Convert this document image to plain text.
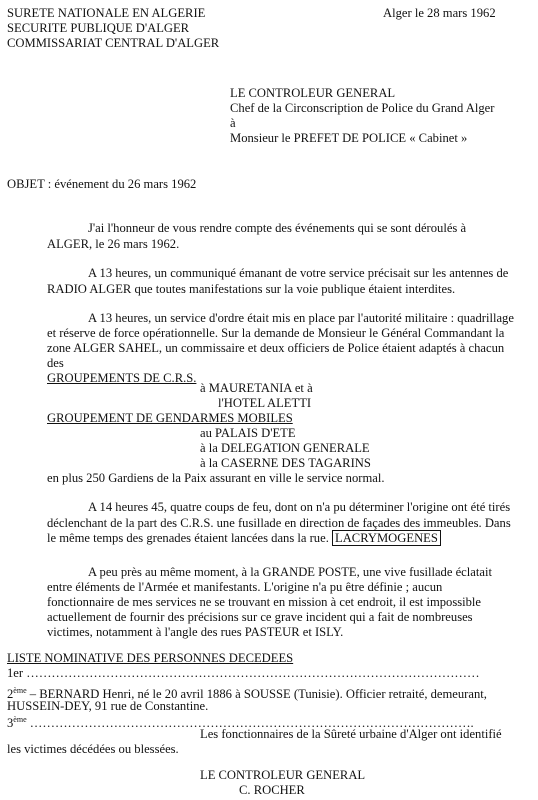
SURETE NATIONALE EN ALGERIE
SECURITE PUBLIQUE D'ALGER
COMMISSARIAT CENTRAL D'ALGER
Alger le 28 mars 1962
LE CONTROLEUR GENERAL
Chef de la Circonscription de Police du Grand Alger
à
Monsieur le PREFET DE POLICE « Cabinet »
OBJET : événement du 26 mars 1962
J'ai l'honneur de vous rendre compte des événements qui se sont déroulés à
ALGER, le 26 mars 1962.
A 13 heures, un communiqué émanant de votre service précisait sur les antennes de
RADIO ALGER que toutes manifestations sur la voie publique étaient interdites.
A 13 heures, un service d'ordre était mis en place par l'autorité militaire : quadrillage
et réserve de force opérationnelle. Sur la demande de Monsieur le Général Commandant la
zone ALGER SAHEL, un commissaire et deux officiers de Police étaient adaptés à chacun
des
GROUPEMENTS DE C.R.S.
à MAURETANIA et à
l'HOTEL ALETTI
GROUPEMENT DE GENDARMES MOBILES
au PALAIS D'ETE
à la DELEGATION GENERALE
à la CASERNE DES TAGARINS
en plus 250 Gardiens de la Paix assurant en ville le service normal.
A 14 heures 45, quatre coups de feu, dont on n'a pu déterminer l'origine ont été tirés
déclenchant de la part des C.R.S. une fusillade en direction de façades des immeubles. Dans
le même temps des grenades étaient lancées dans la rue. LACRYMOGENES
A peu près au même moment, à la GRANDE POSTE, une vive fusillade éclatait
entre éléments de l'Armée et manifestants. L'origine n'a pu être définie ; aucun
fonctionnaire de mes services ne se trouvant en mission à cet endroit, il est impossible
actuellement de fournir des précisions sur ce grave incident qui a fait de nombreuses
victimes, notamment à l'angle des rues PASTEUR et ISLY.
LISTE NOMINATIVE DES PERSONNES DECEDEES
1er ………………………………………………………………………………………………
2ème – BERNARD Henri, né le 20 avril 1886 à SOUSSE (Tunisie). Officier retraité, demeurant,
HUSSEIN-DEY, 91 rue de Constantine.
3ème …………………………………………………………………………………………….
Les fonctionnaires de la Sûreté urbaine d'Alger ont identifié
les victimes décédées ou blessées.
LE CONTROLEUR GENERAL
C. ROCHER
